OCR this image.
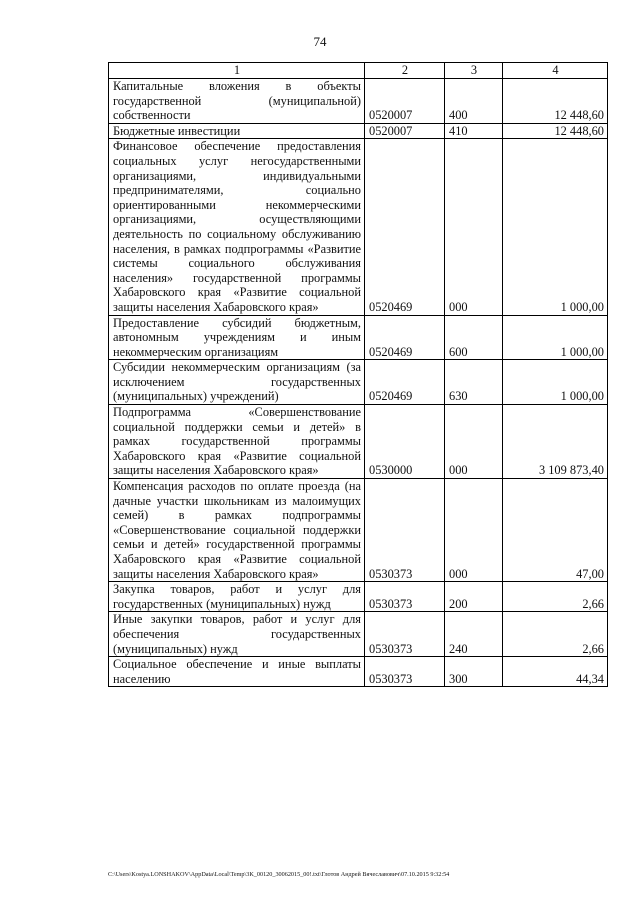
74
1	2	3	4
Капитальные вложения в объекты государственной (муниципальной) собственности	0520007	400	12 448,60
Бюджетные инвестиции	0520007	410	12 448,60
Финансовое обеспечение предоставления социальных услуг негосударственными организациями, индивидуальными предпринимателями, социально ориентированными некоммерческими организациями, осуществляющими деятельность по социальному обслуживанию населения, в рамках подпрограммы «Развитие системы социального обслуживания населения» государственной программы Хабаровского края «Развитие социальной защиты населения Хабаровского края»	0520469	000	1 000,00
Предоставление субсидий бюджетным, автономным учреждениям и иным некоммерческим организациям	0520469	600	1 000,00
Субсидии некоммерческим организациям (за исключением государственных (муниципальных) учреждений)	0520469	630	1 000,00
Подпрограмма «Совершенствование социальной поддержки семьи и детей» в рамках государственной программы Хабаровского края «Развитие социальной защиты населения Хабаровского края»	0530000	000	3 109 873,40
Компенсация расходов по оплате проезда (на дачные участки школьникам из малоимущих семей) в рамках подпрограммы «Совершенствование социальной поддержки семьи и детей» государственной программы Хабаровского края «Развитие социальной защиты населения Хабаровского края»	0530373	000	47,00
Закупка товаров, работ и услуг для государственных (муниципальных) нужд	0530373	200	2,66
Иные закупки товаров, работ и услуг для обеспечения государственных (муниципальных) нужд	0530373	240	2,66
Социальное обеспечение и иные выплаты населению	0530373	300	44,34
C:\Users\Kostya.LONSHAKOV\AppData\Local\Temp\3K_00120_30062015_00!.txt\Глотов Андрей Вячеславович\07.10.2015 9:32:54
